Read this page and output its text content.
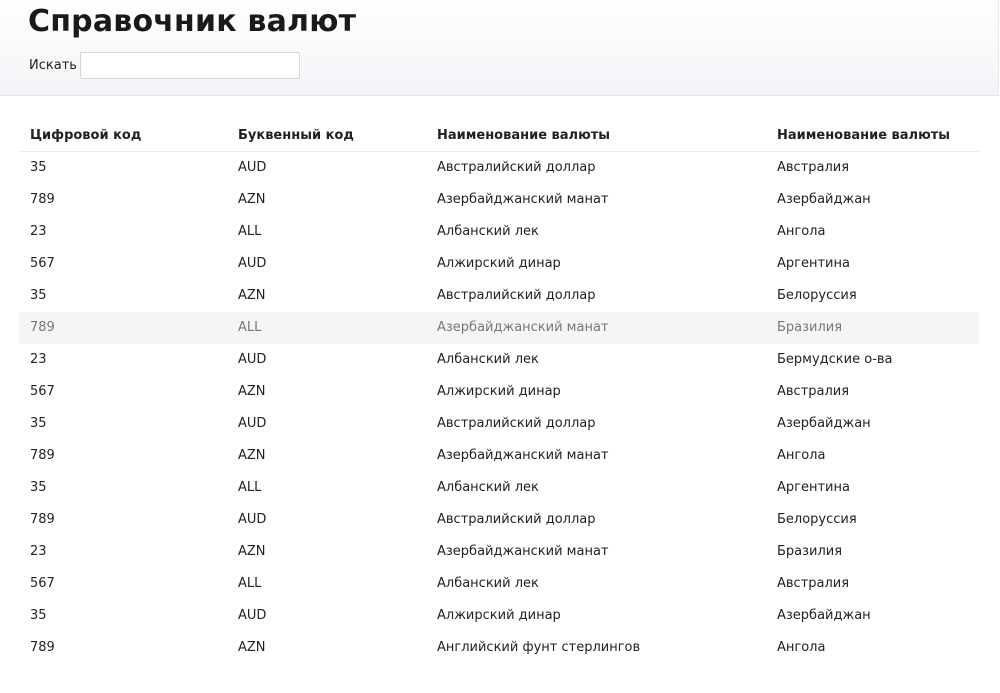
Справочник валют
Искать
Цифровой код	Буквенный код	Наименование валюты	Наименование валюты
35	AUD	Австралийский доллар	Австралия
789	AZN	Азербайджанский манат	Азербайджан
23	ALL	Албанский лек	Ангола
567	AUD	Алжирский динар	Аргентина
35	AZN	Австралийский доллар	Белоруссия
789	ALL	Азербайджанский манат	Бразилия
23	AUD	Албанский лек	Бермудские о-ва
567	AZN	Алжирский динар	Австралия
35	AUD	Австралийский доллар	Азербайджан
789	AZN	Азербайджанский манат	Ангола
35	ALL	Албанский лек	Аргентина
789	AUD	Австралийский доллар	Белоруссия
23	AZN	Азербайджанский манат	Бразилия
567	ALL	Албанский лек	Австралия
35	AUD	Алжирский динар	Азербайджан
789	AZN	Английский фунт стерлингов	Ангола
